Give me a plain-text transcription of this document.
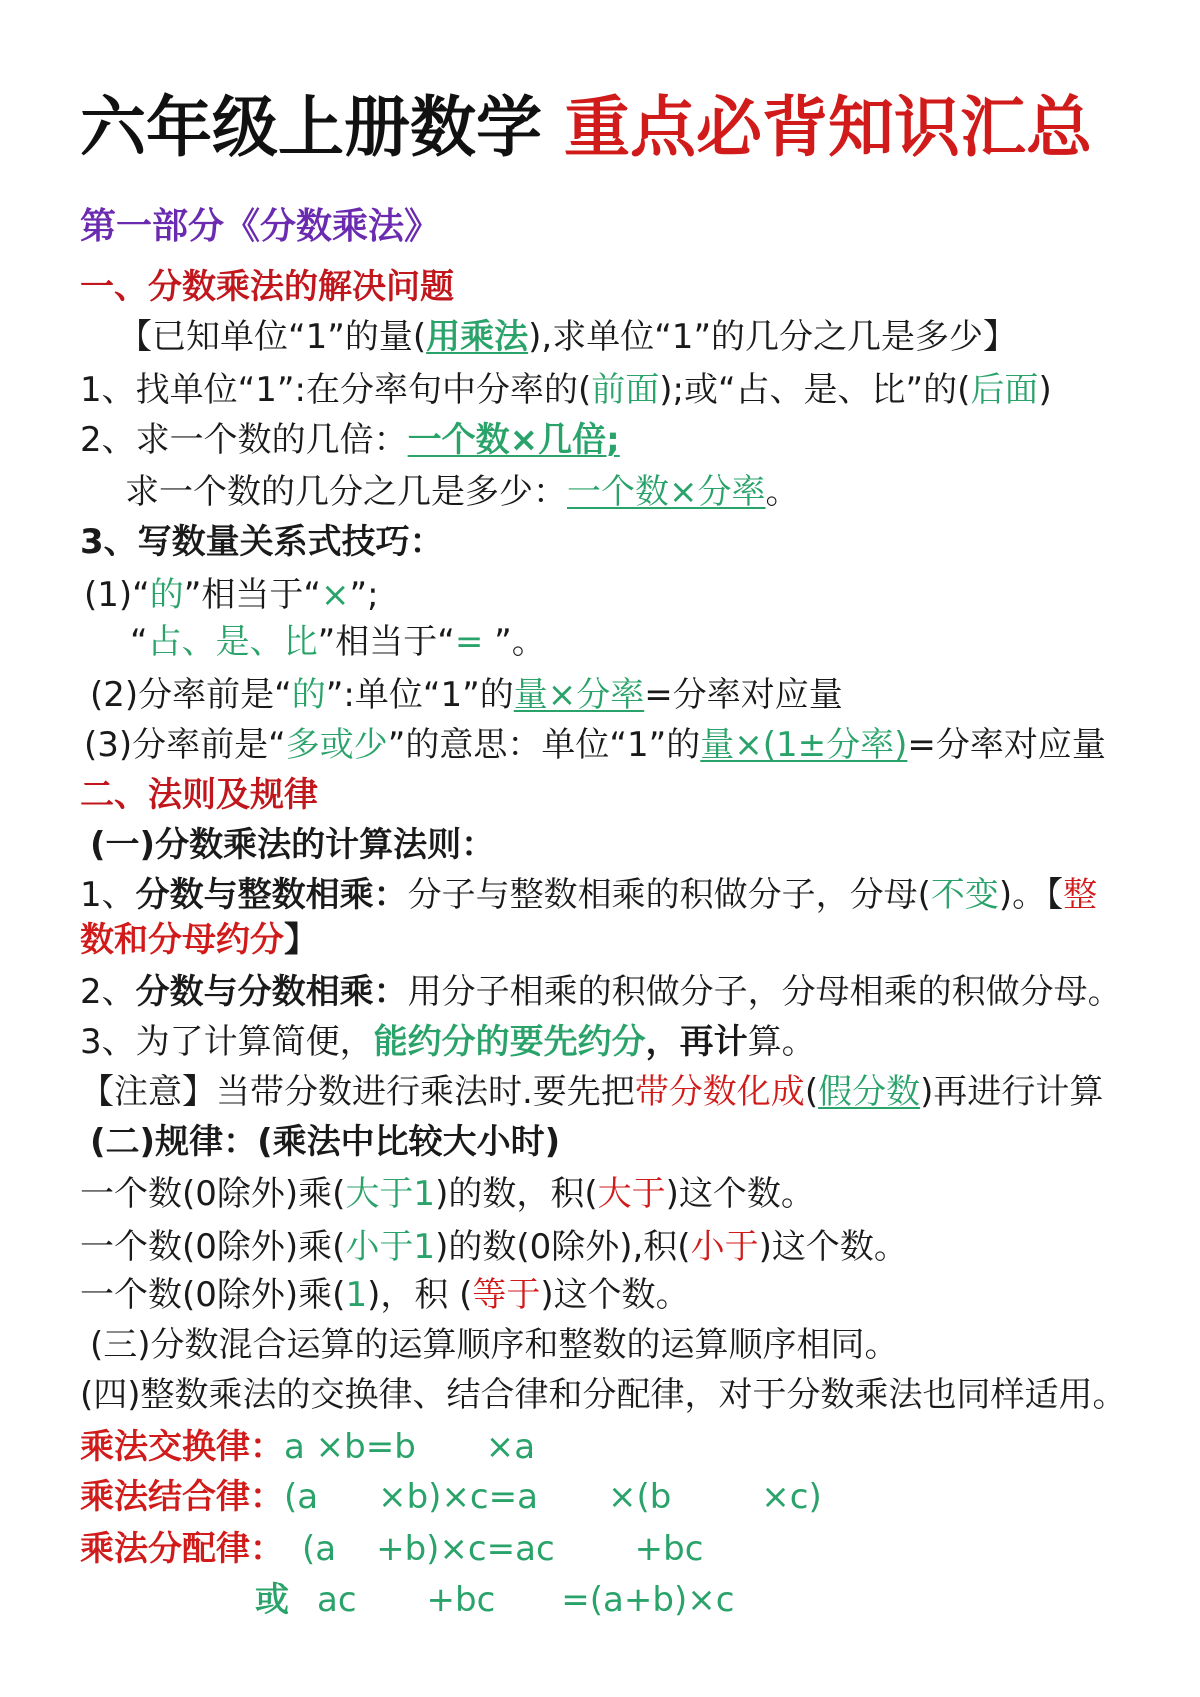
六年级上册数学 重点必背知识汇总
第一部分《分数乘法》
一、分数乘法的解决问题
【已知单位“1”的量(用乘法),求单位“1”的几分之几是多少】
1、找单位“1”:在分率句中分率的(前面);或“占、是、比”的(后面)
2、求一个数的几倍：一个数×几倍;
求一个数的几分之几是多少：一个数×分率。
3、写数量关系式技巧：
(1)“的”相当于“×”;
“占、是、比”相当于“= ”。
(2)分率前是“的”:单位“1”的量×分率=分率对应量
(3)分率前是“多或少”的意思：单位“1”的量×(1±分率)=分率对应量
二、法则及规律
(一)分数乘法的计算法则：
1、分数与整数相乘：分子与整数相乘的积做分子，分母(不变)。【整
数和分母约分】
2、分数与分数相乘：用分子相乘的积做分子，分母相乘的积做分母。
3、为了计算简便，能约分的要先约分，再计算。
【注意】当带分数进行乘法时.要先把带分数化成(假分数)再进行计算
(二)规律：(乘法中比较大小时)
一个数(0除外)乘(大于1)的数，积(大于)这个数。
一个数(0除外)乘(小于1)的数(0除外),积(小于)这个数。
一个数(0除外)乘(1)，积 (等于)这个数。
(三)分数混合运算的运算顺序和整数的运算顺序相同。
(四)整数乘法的交换律、结合律和分配律，对于分数乘法也同样适用。
乘法交换律：a ×b=b ×a
乘法结合律：(a ×b)×c=a ×(b	×c)
乘法分配律： (a +b)×c=ac +bc
或 ac +bc =(a+b)×c
